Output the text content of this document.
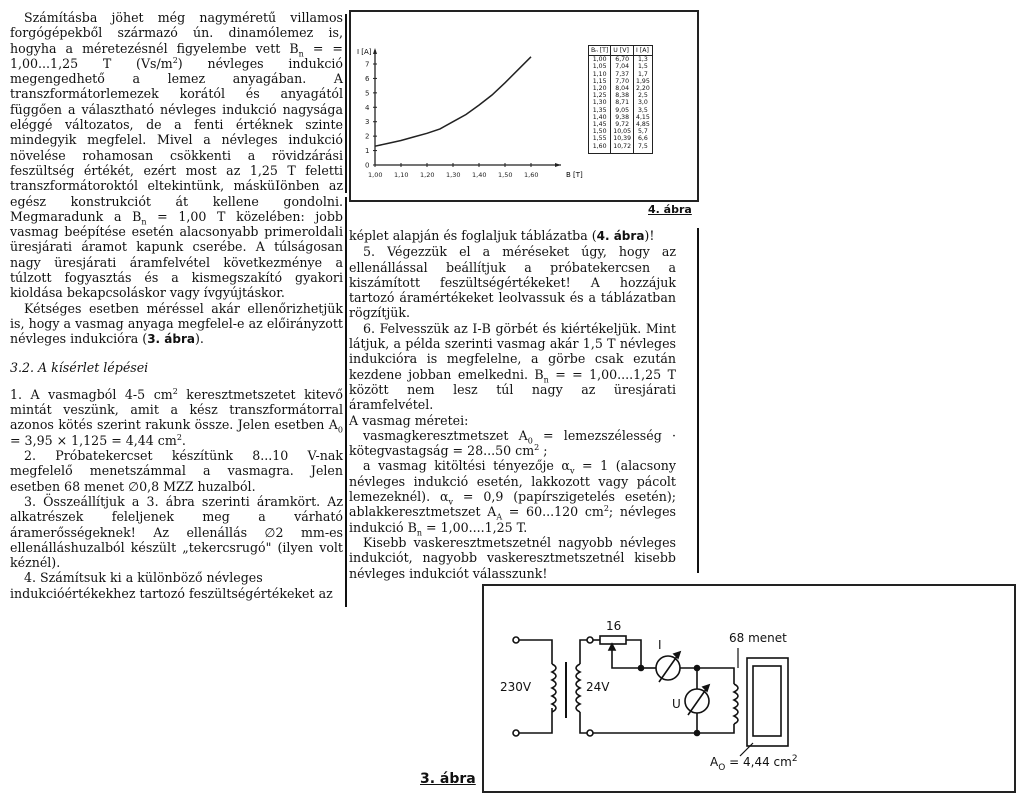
Számításba jöhet még nagyméretű villamos forgógépekből származó ún. dinamólemez is, hogyha a méretezésnél figyelembe vett $B_n$ = = 1,00...1,25 T $(Vs/m^2)$ névleges indukció megengedhető a lemez anyagában. A transzformátorlemezek korától és anyagától függően a választható névleges indukció nagysága eléggé változatos, de a fenti értéknek szinte mindegyik megfelel. Mivel a névleges indukció növelése rohamosan csökkenti a rövidzárási feszültség értékét, ezért most az 1,25 T feletti transzformátoroktól eltekintünk, másküIönben az egész konstrukciót át kellene gondolni. Megmaradunk a $B_n = 1,00$ T közelében: jobb vasmag beépítése esetén alacsonyabb primeroldali üresjárati áramot kapunk cserébe. A túlságosan nagy üresjárati áramfelvétel következménye a túlzott fogyasztás és a kismegszakító gyakori kioldása bekapcsoláskor vagy ívgyújtáskor.

Kétséges esetben méréssel akár ellenőrizhetjük is, hogy a vasmag anyaga megfelel-e az előirányzott névleges indukcióra (3. ábra).

3.2. A kísérlet lépései

1. A vasmagból 4-5 $cm^2$ keresztmetszetet kitevő mintát veszünk, amit a kész transzformátorral azonos kötés szerint rakunk össze. Jelen esetben $A_0 = 3,95 \times 1,125 = 4,44$ $cm^2$.

2. Próbatekercset készítünk 8...10 V-nak megfelelő menetszámmal a vasmagra. Jelen esetben 68 menet ∅0,8 MZZ huzalból.

3. Összeállítjuk a 3. ábra szerinti áramkört. Az alkatrészek feleljenek meg a várható áramerősségeknek! Az ellenállás ∅2 mm-es ellenálláshuzalból készült „tekercsrugó" (ilyen volt kéznél).

4. Számítsuk ki a különböző névleges indukcióértékekhez tartozó feszültségértékeket az

1,00 1,10 1,20 1,30 1,40 1,50 1,60
0
1
2
3
4
5
6
7
I [A]
B [T]
Bₙ [T]	U [V]	I [A]
1,00	6,70	1,3
1,05	7,04	1,5
1,10	7,37	1,7
1,15	7,70	1,95
1,20	8,04	2,20
1,25	8,38	2,5
1,30	8,71	3,0
1,35	9,05	3,5
1,40	9,38	4,15
1,45	9,72	4,85
1,50	10,05	5,7
1,55	10,39	6,6
1,60	10,72	7,5
4. ábra

képlet alapján és foglaljuk táblázatba (4. ábra)!

5. Végezzük el a méréseket úgy, hogy az ellenállással beállítjuk a próbatekercsen a kiszámított feszültségértékeket! A hozzájuk tartozó áramértékeket leolvassuk és a táblázatban rögzítjük.

6. Felvesszük az I-B görbét és kiértékeljük. Mint látjuk, a példa szerinti vasmag akár 1,5 T névleges indukcióra is megfelelne, a görbe csak ezután kezdene jobban emelkedni. $B_n$ = = 1,00....1,25 T között nem lesz túl nagy az üresjárati áramfelvétel.

A vasmag méretei:

vasmagkeresztmetszet $A_0$ = lemezszélesség · kötegvastagság = 28...50 $cm^2$ ;

a vasmag kitöltési tényezője $\alpha_v = 1$ (alacsony névleges indukció esetén, lakkozott vagy pácolt lemezeknél). $\alpha_v = 0,9$ (papírszigetelés esetén); ablakkeresztmetszet $A_A = 60...120$ $cm^2$; névleges indukció $B_n = 1,00....1,25$ T.

Kisebb vaskeresztmetszetnél nagyobb névleges indukciót, nagyobb vaskeresztmetszetnél kisebb névleges indukciót válasszunk!

230V	24V
16
I
U
68 menet
$A_O = 4,44$ $cm^2$
3. ábra
